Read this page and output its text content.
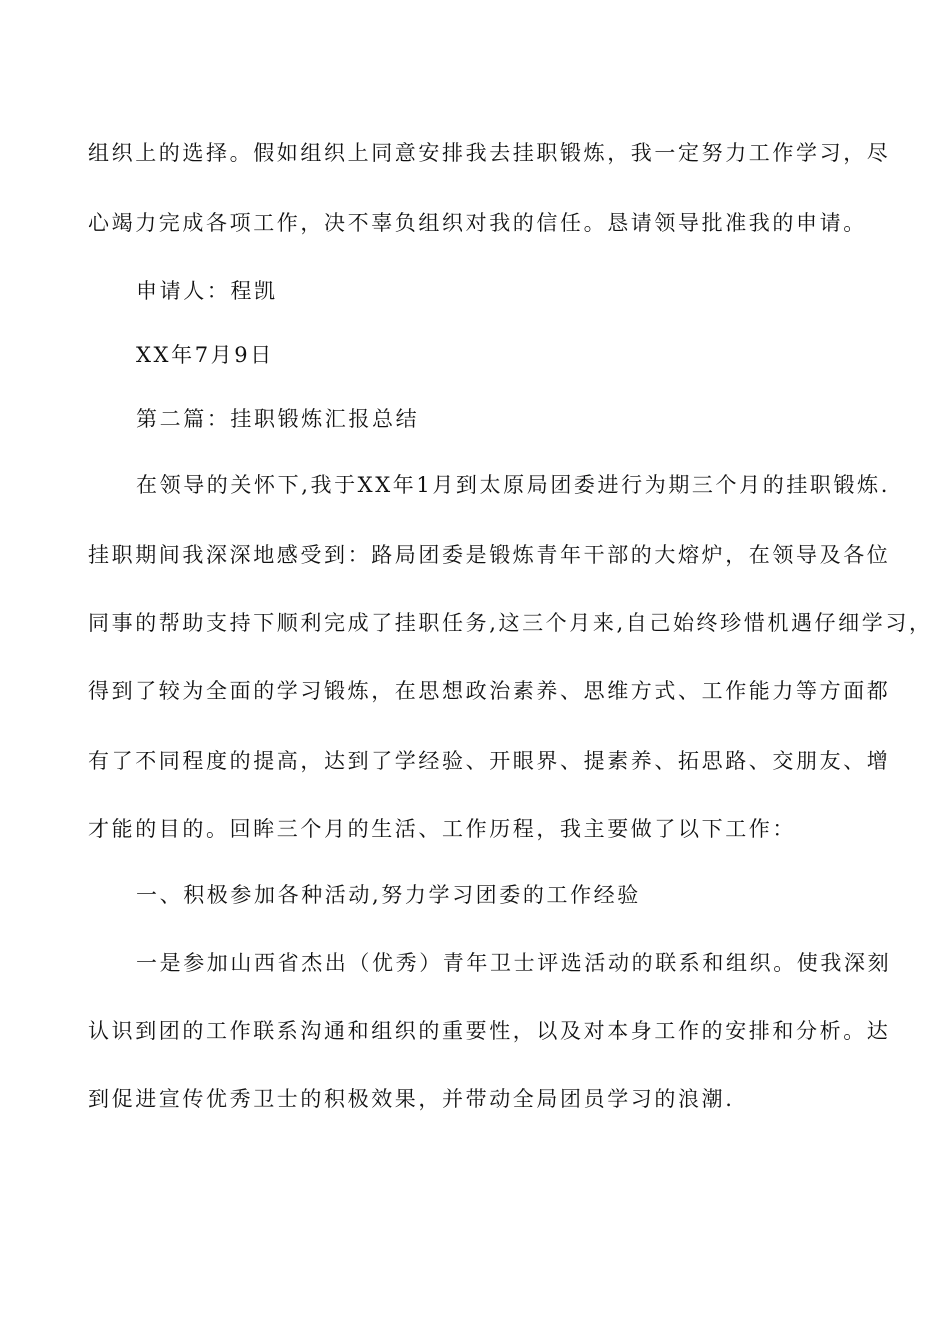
组织上的选择。假如组织上同意安排我去挂职锻炼，我一定努力工作学习，尽
心竭力完成各项工作，决不辜负组织对我的信任。恳请领导批准我的申请。
申请人：程凯
XX年7月9日
第二篇：挂职锻炼汇报总结
在领导的关怀下,我于XX年1月到太原局团委进行为期三个月的挂职锻炼.
挂职期间我深深地感受到：路局团委是锻炼青年干部的大熔炉，在领导及各位
同事的帮助支持下顺利完成了挂职任务,这三个月来,自己始终珍惜机遇仔细学习，
得到了较为全面的学习锻炼，在思想政治素养、思维方式、工作能力等方面都
有了不同程度的提高，达到了学经验、开眼界、提素养、拓思路、交朋友、增
才能的目的。回眸三个月的生活、工作历程，我主要做了以下工作：
一、积极参加各种活动,努力学习团委的工作经验
一是参加山西省杰出（优秀）青年卫士评选活动的联系和组织。使我深刻
认识到团的工作联系沟通和组织的重要性，以及对本身工作的安排和分析。达
到促进宣传优秀卫士的积极效果，并带动全局团员学习的浪潮.
